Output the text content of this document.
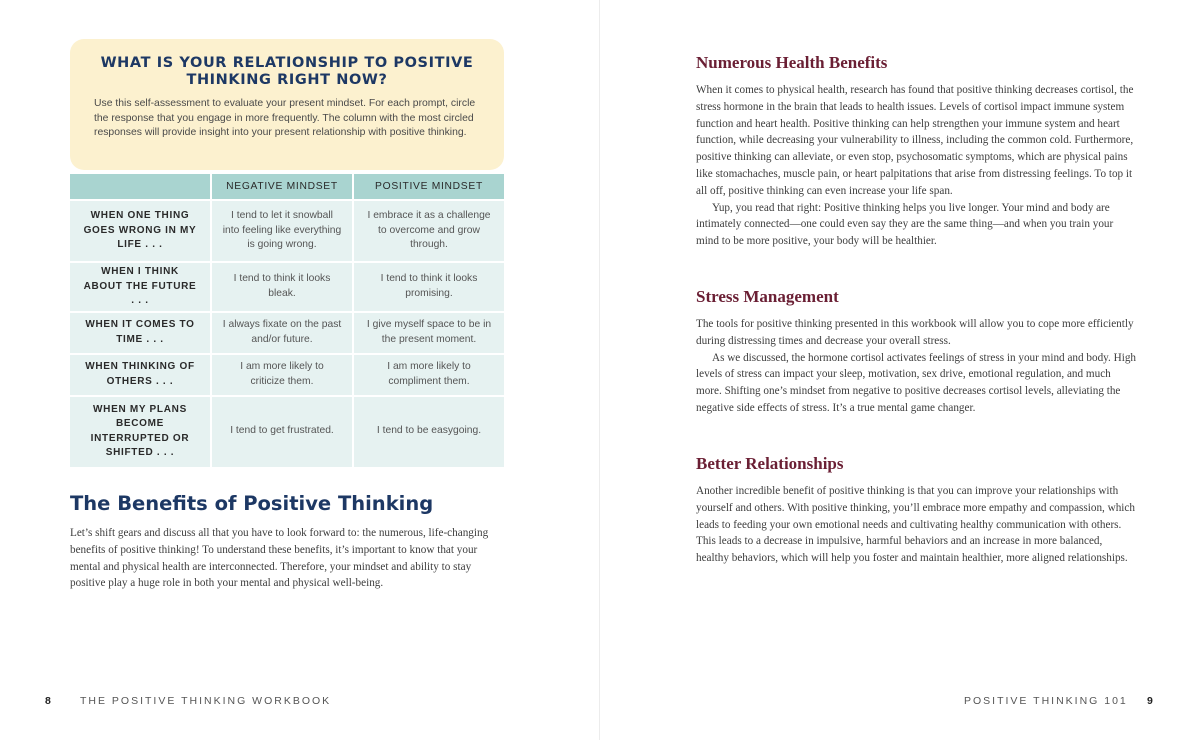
WHAT IS YOUR RELATIONSHIP TO POSITIVE
THINKING RIGHT NOW?
Use this self-assessment to evaluate your present mindset. For each prompt, circle the response that you engage in more frequently. The column with the most circled responses will provide insight into your present relationship with positive thinking.
	NEGATIVE MINDSET	POSITIVE MINDSET
WHEN ONE THING GOES WRONG IN MY LIFE . . .	I tend to let it snowball into feeling like everything is going wrong.	I embrace it as a challenge to overcome and grow through.
WHEN I THINK ABOUT THE FUTURE . . .	I tend to think it looks bleak.	I tend to think it looks promising.
WHEN IT COMES TO TIME . . .	I always fixate on the past and/or future.	I give myself space to be in the present moment.
WHEN THINKING OF OTHERS . . .	I am more likely to criticize them.	I am more likely to compliment them.
WHEN MY PLANS BECOME INTERRUPTED OR SHIFTED . . .	I tend to get frustrated.	I tend to be easygoing.
The Benefits of Positive Thinking

Let’s shift gears and discuss all that you have to look forward to: the numerous, life-changing benefits of positive thinking! To understand these benefits, it’s important to know that your mental and physical health are interconnected. Therefore, your mindset and ability to stay positive play a huge role in both your mental and physical well-being.

8	THE POSITIVE THINKING WORKBOOK
Numerous Health Benefits

When it comes to physical health, research has found that positive thinking decreases cortisol, the stress hormone in the brain that leads to health issues. Levels of cortisol impact immune system function and heart health. Positive thinking can help strengthen your immune system and heart function, while decreasing your vulnerability to illness, including the common cold. Furthermore, positive thinking can alleviate, or even stop, psychosomatic symptoms, which are physical pains like stomachaches, muscle pain, or heart palpitations that arise from distressing feelings. To top it all off, positive thinking can even increase your life span.

Yup, you read that right: Positive thinking helps you live longer. Your mind and body are intimately connected—one could even say they are the same thing—and when you train your mind to be more positive, your body will be healthier.

Stress Management

The tools for positive thinking presented in this workbook will allow you to cope more efficiently during distressing times and decrease your overall stress.

As we discussed, the hormone cortisol activates feelings of stress in your mind and body. High levels of stress can impact your sleep, motivation, sex drive, emotional regulation, and much more. Shifting one’s mindset from negative to positive decreases cortisol levels, alleviating the negative side effects of stress. It’s a true mental game changer.

Better Relationships

Another incredible benefit of positive thinking is that you can improve your relationships with yourself and others. With positive thinking, you’ll embrace more empathy and compassion, which leads to feeding your own emotional needs and cultivating healthy communication with others. This leads to a decrease in impulsive, harmful behaviors and an increase in more balanced, healthy behaviors, which will help you foster and maintain healthier, more aligned relationships.

POSITIVE THINKING 101 9
